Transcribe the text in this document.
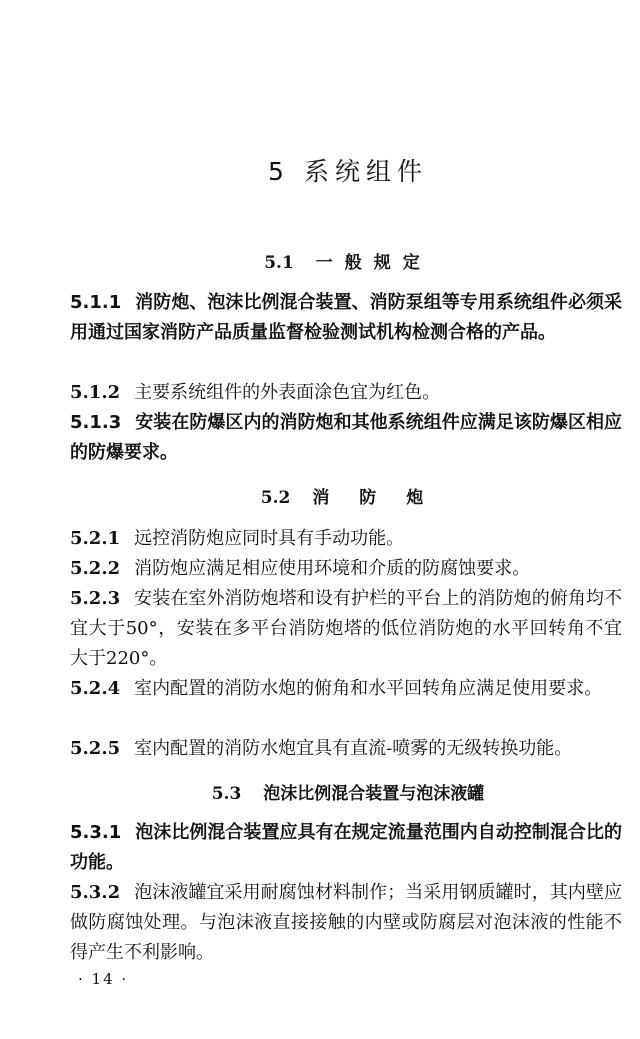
5 系统组件
5.1 一般规定
5.1.1 消防炮、泡沫比例混合装置、消防泵组等专用系统组件必须采用通过国家消防产品质量监督检验测试机构检测合格的产品。
5.1.2 主要系统组件的外表面涂色宜为红色。
5.1.3 安装在防爆区内的消防炮和其他系统组件应满足该防爆区相应的防爆要求。
5.2 消 防 炮
5.2.1 远控消防炮应同时具有手动功能。
5.2.2 消防炮应满足相应使用环境和介质的防腐蚀要求。
5.2.3 安装在室外消防炮塔和设有护栏的平台上的消防炮的俯角均不宜大于50°，安装在多平台消防炮塔的低位消防炮的水平回转角不宜大于220°。
5.2.4 室内配置的消防水炮的俯角和水平回转角应满足使用要求。
5.2.5 室内配置的消防水炮宜具有直流-喷雾的无级转换功能。
5.3 泡沫比例混合装置与泡沫液罐
5.3.1 泡沫比例混合装置应具有在规定流量范围内自动控制混合比的功能。
5.3.2 泡沫液罐宜采用耐腐蚀材料制作；当采用钢质罐时，其内壁应做防腐蚀处理。与泡沫液直接接触的内壁或防腐层对泡沫液的性能不得产生不利影响。
· 14 ·
